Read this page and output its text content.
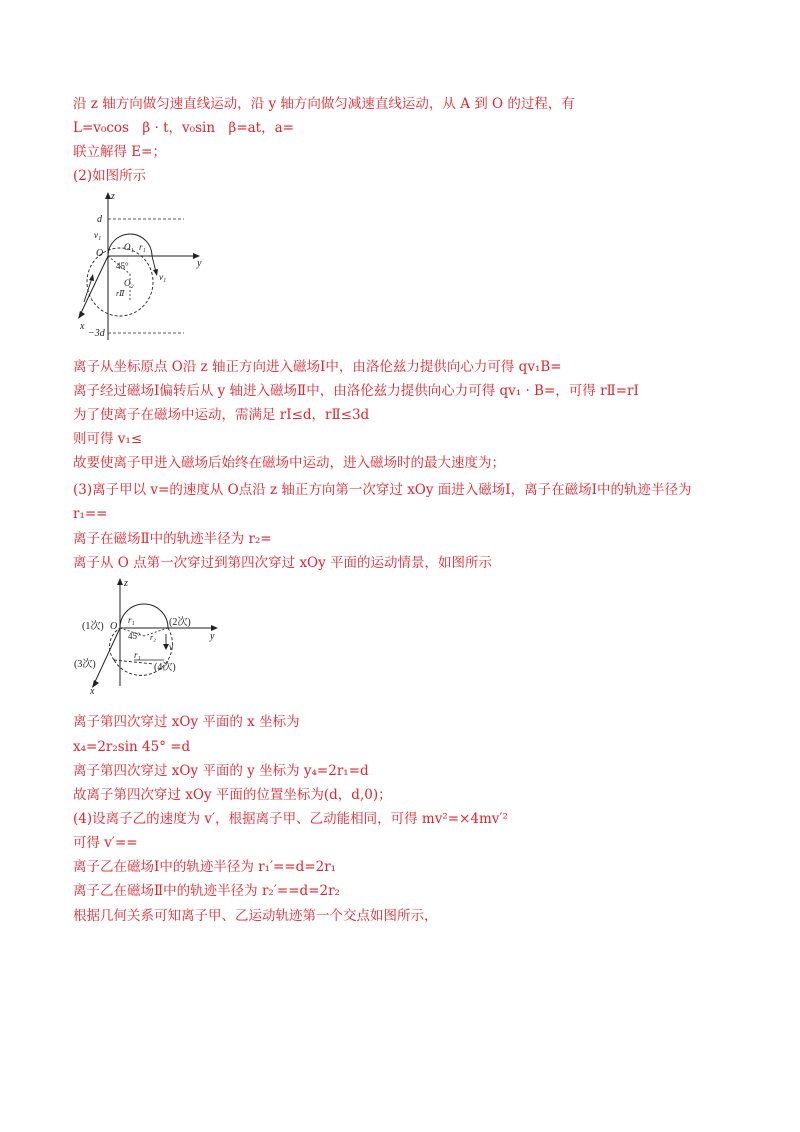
沿 z 轴方向做匀速直线运动，沿 y 轴方向做匀减速直线运动，从 A 到 O 的过程，有
L=v₀cos　β · t，v₀sin　β=at，a=
联立解得 E=；
(2)如图所示
z
y
x
d
v₁
O
O₁ r₁
45°
v₁
O₂
rⅡ
−3d
离子从坐标原点 O沿 z 轴正方向进入磁场Ⅰ中，由洛伦兹力提供向心力可得 qv₁B=
离子经过磁场Ⅰ偏转后从 y 轴进入磁场Ⅱ中，由洛伦兹力提供向心力可得 qv₁ · B=，可得 rⅡ=rⅠ
为了使离子在磁场中运动，需满足 rⅠ≤d，rⅡ≤3d
则可得 v₁≤
故要使离子甲进入磁场后始终在磁场中运动，进入磁场时的最大速度为；
(3)离子甲以 v=的速度从 O点沿 z 轴正方向第一次穿过 xOy 面进入磁场Ⅰ，离子在磁场Ⅰ中的轨迹半径为
r₁==
离子在磁场Ⅱ中的轨迹半径为 r₂=
离子从 O 点第一次穿过到第四次穿过 xOy 平面的运动情景，如图所示
z
y
x
O
(1次)	(2次)
(3次)	(4次)
r₁
r₂
45°
v
r₁
离子第四次穿过 xOy 平面的 x 坐标为
x₄=2r₂sin 45° =d
离子第四次穿过 xOy 平面的 y 坐标为 y₄=2r₁=d
故离子第四次穿过 xOy 平面的位置坐标为(d，d,0)；
(4)设离子乙的速度为 v′，根据离子甲、乙动能相同，可得 mv²=×4mv′²
可得 v′==
离子乙在磁场Ⅰ中的轨迹半径为 r₁′==d=2r₁
离子乙在磁场Ⅱ中的轨迹半径为 r₂′==d=2r₂
根据几何关系可知离子甲、乙运动轨迹第一个交点如图所示，
